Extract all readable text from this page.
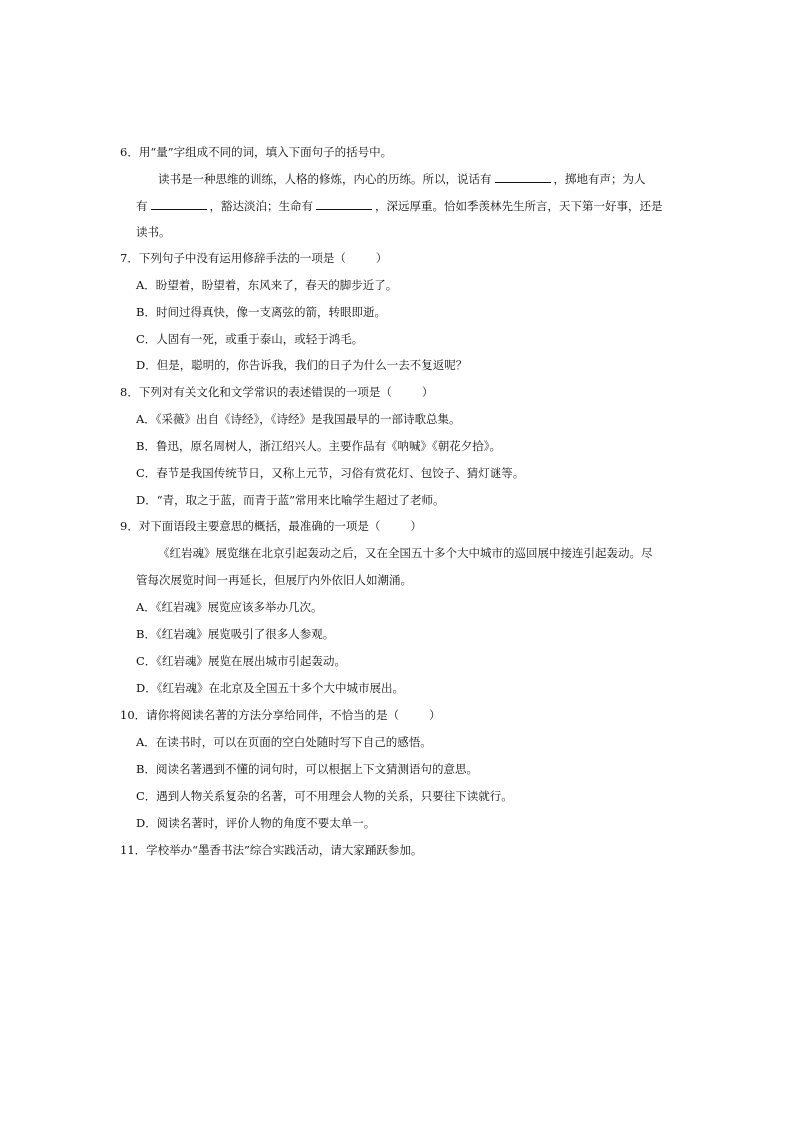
6．用“量”字组成不同的词，填入下面句子的括号中。
读书是一种思维的训练，人格的修炼，内心的历练。所以，说话有	，掷地有声；为人
有	，豁达淡泊；生命有	，深远厚重。恰如季羡林先生所言，天下第一好事，还是
读书。
7．下列句子中没有运用修辞手法的一项是（	）
A．盼望着，盼望着，东风来了，春天的脚步近了。
B．时间过得真快，像一支离弦的箭，转眼即逝。
C．人固有一死，或重于泰山，或轻于鸿毛。
D．但是，聪明的，你告诉我，我们的日子为什么一去不复返呢？
8．下列对有关文化和文学常识的表述错误的一项是（	）
A．《采薇》出自《诗经》，《诗经》是我国最早的一部诗歌总集。
B．鲁迅，原名周树人，浙江绍兴人。主要作品有《呐喊》《朝花夕拾》。
C．春节是我国传统节日，又称上元节，习俗有赏花灯、包饺子、猜灯谜等。
D．“青，取之于蓝，而青于蓝”常用来比喻学生超过了老师。
9．对下面语段主要意思的概括，最准确的一项是（	）
《红岩魂》展览继在北京引起轰动之后，又在全国五十多个大中城市的巡回展中接连引起轰动。尽
管每次展览时间一再延长，但展厅内外依旧人如潮涌。
A．《红岩魂》展览应该多举办几次。
B．《红岩魂》展览吸引了很多人参观。
C．《红岩魂》展览在展出城市引起轰动。
D．《红岩魂》在北京及全国五十多个大中城市展出。
10．请你将阅读名著的方法分享给同伴，不恰当的是（	）
A．在读书时，可以在页面的空白处随时写下自己的感悟。
B．阅读名著遇到不懂的词句时，可以根据上下文猜测语句的意思。
C．遇到人物关系复杂的名著，可不用理会人物的关系，只要往下读就行。
D．阅读名著时，评价人物的角度不要太单一。
11．学校举办“墨香书法”综合实践活动，请大家踊跃参加。
